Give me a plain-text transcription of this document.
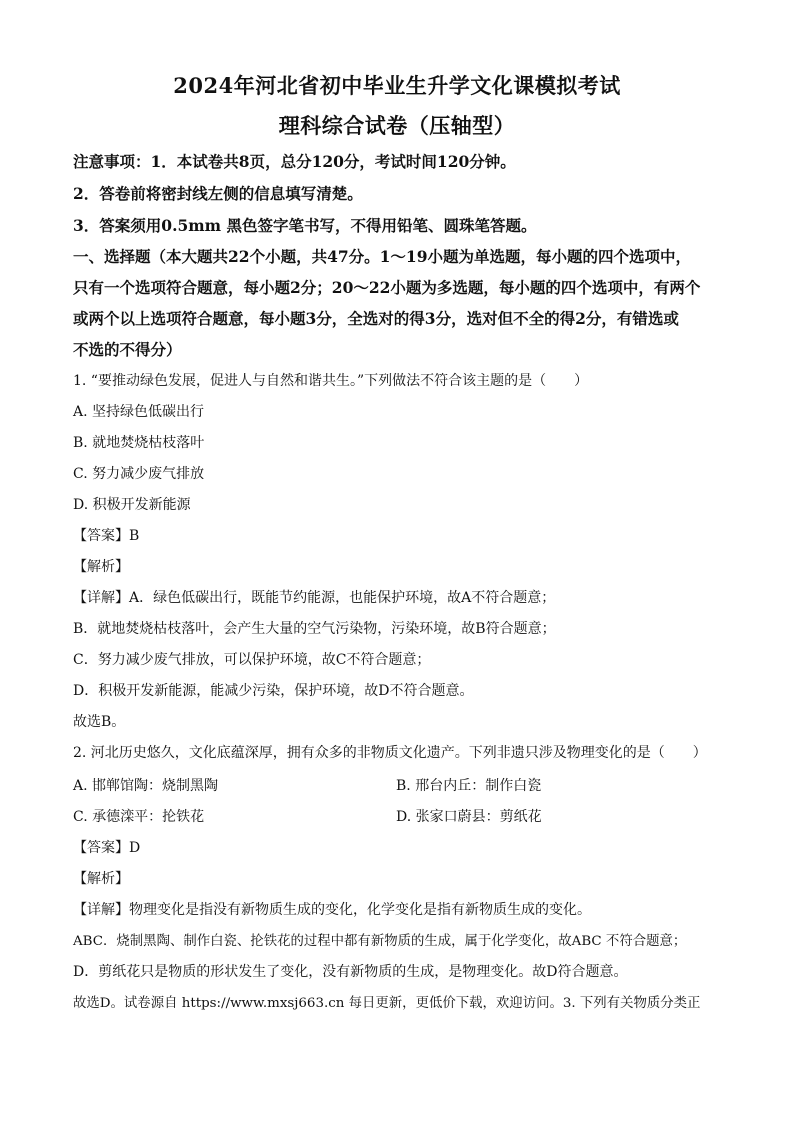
2024年河北省初中毕业生升学文化课模拟考试
理科综合试卷（压轴型）
注意事项：1．本试卷共8页，总分120分，考试时间120分钟。
2．答卷前将密封线左侧的信息填写清楚。
3．答案须用0.5mm 黑色签字笔书写，不得用铅笔、圆珠笔答题。
一、选择题（本大题共22个小题，共47分。1～19小题为单选题，每小题的四个选项中，
只有一个选项符合题意，每小题2分；20～22小题为多选题，每小题的四个选项中，有两个
或两个以上选项符合题意，每小题3分，全选对的得3分，选对但不全的得2分，有错选或
不选的不得分）
1. “要推动绿色发展，促进人与自然和谐共生。”下列做法不符合该主题的是（　　）
A. 坚持绿色低碳出行
B. 就地焚烧枯枝落叶
C. 努力减少废气排放
D. 积极开发新能源
【答案】B
【解析】
【详解】A．绿色低碳出行，既能节约能源，也能保护环境，故A不符合题意；
B．就地焚烧枯枝落叶，会产生大量的空气污染物，污染环境，故B符合题意；
C．努力减少废气排放，可以保护环境，故C不符合题意；
D．积极开发新能源，能减少污染，保护环境，故D不符合题意。
故选B。
2. 河北历史悠久，文化底蕴深厚，拥有众多的非物质文化遗产。下列非遗只涉及物理变化的是（　　）
A. 邯郸馆陶：烧制黑陶	B. 邢台内丘：制作白瓷
C. 承德滦平：抡铁花	D. 张家口蔚县：剪纸花
【答案】D
【解析】
【详解】物理变化是指没有新物质生成的变化，化学变化是指有新物质生成的变化。
ABC．烧制黑陶、制作白瓷、抡铁花的过程中都有新物质的生成，属于化学变化，故ABC 不符合题意；
D．剪纸花只是物质的形状发生了变化，没有新物质的生成，是物理变化。故D符合题意。
故选D。试卷源自 https://www.mxsj663.cn 每日更新，更低价下载，欢迎访问。3. 下列有关物质分类正
